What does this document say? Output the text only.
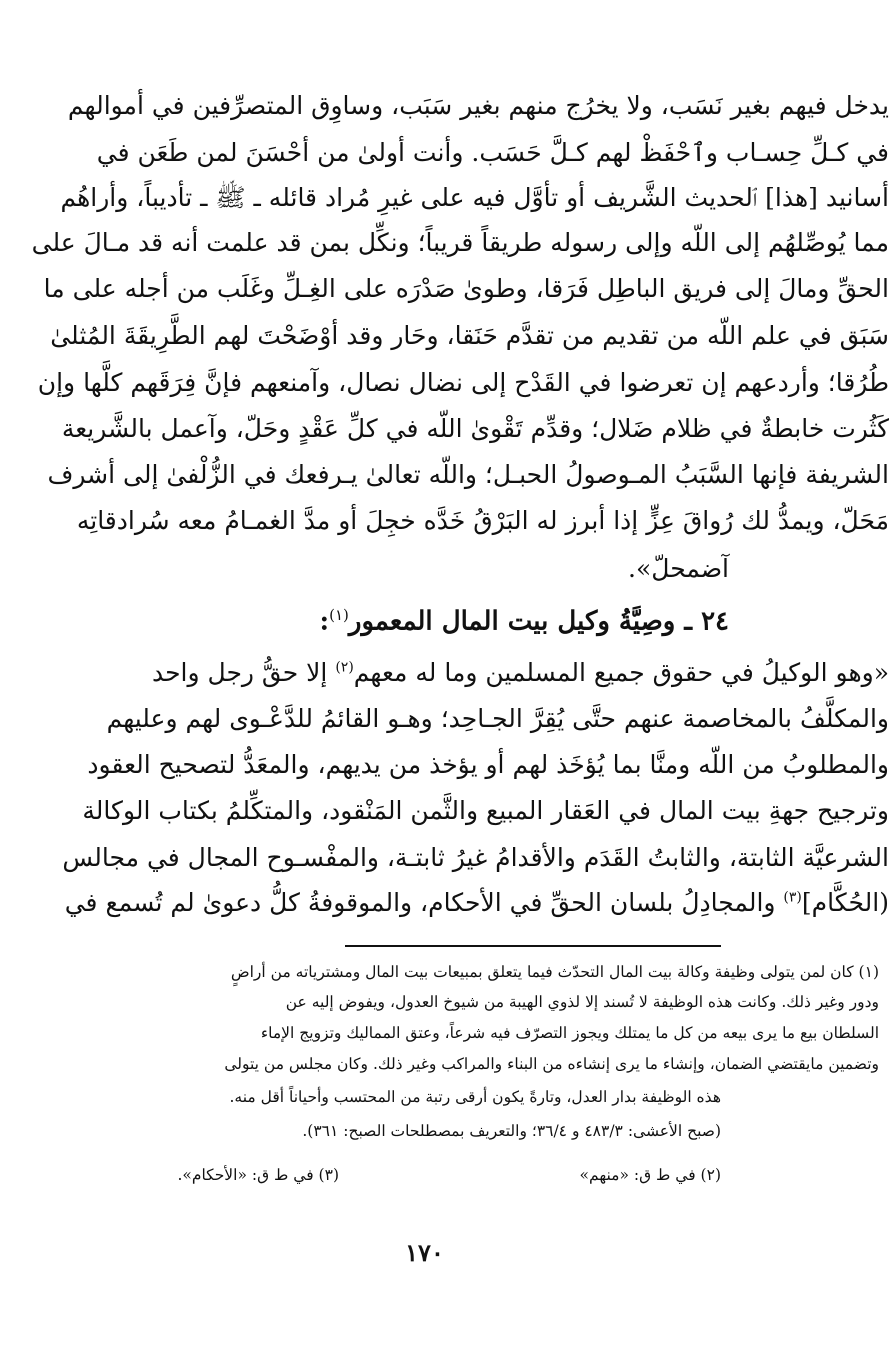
يدخل فيهم بغير نَسَب، ولا يخرُج منهم بغير سَبَب، وساوِق المتصرِّفين في أموالهم
في كـلِّ حِسـاب وٱحْفَظْ لهم كـلَّ حَسَب. وأنت أولىٰ من أحْسَنَ لمن طَعَن في
أسانيد [هذا] ٱلحديث الشَّريف أو تأوَّل فيه على غيرِ مُراد قائله ـ ﷺ ـ تأديباً، وأراهُم
مما يُوصِّلهُم إلى اللّه وإلى رسوله طريقاً قريباً؛ ونكِّل بمن قد علمت أنه قد مـالَ على
الحقِّ ومالَ إلى فريق الباطِل فَرَقا، وطوىٰ صَدْرَه على الغِـلِّ وغَلَب من أجله على ما
سَبَق في علم اللّه من تقديم من تقدَّم حَنَقا، وحَار وقد أوْضَحْتَ لهم الطَّرِيقَةَ المُثلىٰ
طُرُقا؛ وأردعهم إن تعرضوا في القَدْح إلى نضال نصال، وآمنعهم فإنَّ فِرَقَهم كلَّها وإن
كَثُرت خابطةٌ في ظلام ضَلال؛ وقدِّم تَقْوىٰ اللّه في كلِّ عَقْدٍ وحَلّ، وآعمل بالشَّريعة
الشريفة فإنها السَّبَبُ المـوصولُ الحبـل؛ واللّه تعالىٰ يـرفعك في الزُّلْفىٰ إلى أشرف
مَحَلّ، ويمدُّ لك رُواقَ عِزٍّ إذا أبرز له البَرْقُ خَدَّه خجِلَ أو مدَّ الغمـامُ معه سُرادقاتِه
آضمحلّ».
٢٤ ـ وصِيَّةُ وكيل بيت المال المعمور$^{(١)}$:
«وهو الوكيلُ في حقوق جميع المسلمين وما له معهم$^{(٢)}$ إلا حقُّ رجل واحد
والمكلَّفُ بالمخاصمة عنهم حتَّى يُقِرَّ الجـاحِد؛ وهـو القائمُ للدَّعْـوى لهم وعليهم
والمطلوبُ من اللّه ومنَّا بما يُؤخَذ لهم أو يؤخذ من يديهم، والمعَدُّ لتصحيح العقود
وترجيح جهةِ بيت المال في العَقار المبيع والثَّمن المَنْقود، والمتكِّلمُ بكتاب الوكالة
الشرعيَّة الثابتة، والثابتُ القَدَم والأقدامُ غيرُ ثابتـة، والمفْسـوح المجال في مجالس
(الحُكَّام]$^{(٣)}$ والمجادِلُ بلسان الحقِّ في الأحكام، والموقوفةُ كلُّ دعوىٰ لم تُسمع في
(١) كان لمن يتولى وظيفة وكالة بيت المال التحدّث فيما يتعلق بمبيعات بيت المال ومشترياته من أراضٍ
ودور وغير ذلك. وكانت هذه الوظيفة لا تُسند إلا لذوي الهيبة من شيوخ العدول، ويفوض إليه عن
السلطان بيع ما يرى بيعه من كل ما يمتلك ويجوز التصرّف فيه شرعاً، وعتق المماليك وتزويج الإماء
وتضمين مايقتضي الضمان، وإنشاء ما يرى إنشاءه من البناء والمراكب وغير ذلك. وكان مجلس من يتولى
هذه الوظيفة بدار العدل، وتارةً يكون أرقى رتبة من المحتسب وأحياناً أقل منه.
(صبح الأعشى: ٤٨٣/٣ و ٣٦/٤؛ والتعريف بمصطلحات الصبح: ٣٦١).
(٢) في ط ق: «منهم»
(٣) في ط ق: «الأحكام».
١٧٠
